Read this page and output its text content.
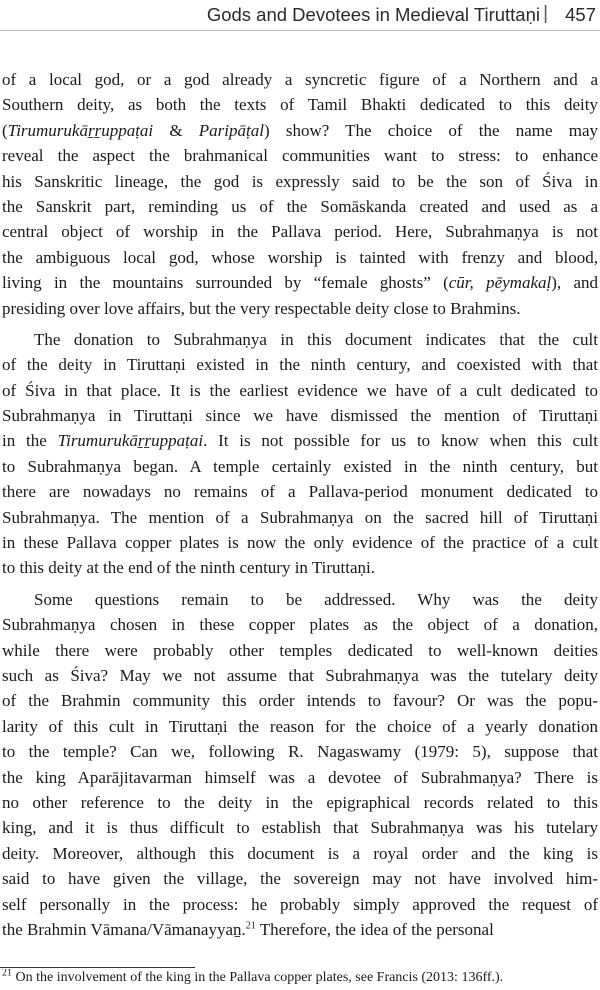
Gods and Devotees in Medieval Tiruttaṇi | 457
of a local god, or a god already a syncretic figure of a Northern and a
Southern deity, as both the texts of Tamil Bhakti dedicated to this deity
(Tirumurukāṟṟuppaṭai & Paripāṭal) show? The choice of the name may
reveal the aspect the brahmanical communities want to stress: to enhance
his Sanskritic lineage, the god is expressly said to be the son of Śiva in
the Sanskrit part, reminding us of the Somāskanda created and used as a
central object of worship in the Pallava period. Here, Subrahmaṇya is not
the ambiguous local god, whose worship is tainted with frenzy and blood,
living in the mountains surrounded by “female ghosts” (cūr, pēymakaḷ), and
presiding over love affairs, but the very respectable deity close to Brahmins.
The donation to Subrahmaṇya in this document indicates that the cult
of the deity in Tiruttaṇi existed in the ninth century, and coexisted with that
of Śiva in that place. It is the earliest evidence we have of a cult dedicated to
Subrahmaṇya in Tiruttaṇi since we have dismissed the mention of Tiruttaṇi
in the Tirumurukāṟṟuppaṭai. It is not possible for us to know when this cult
to Subrahmaṇya began. A temple certainly existed in the ninth century, but
there are nowadays no remains of a Pallava-period monument dedicated to
Subrahmaṇya. The mention of a Subrahmaṇya on the sacred hill of Tiruttaṇi
in these Pallava copper plates is now the only evidence of the practice of a cult
to this deity at the end of the ninth century in Tiruttaṇi.
Some questions remain to be addressed. Why was the deity
Subrahmaṇya chosen in these copper plates as the object of a donation,
while there were probably other temples dedicated to well-known deities
such as Śiva? May we not assume that Subrahmaṇya was the tutelary deity
of the Brahmin community this order intends to favour? Or was the popu-
larity of this cult in Tiruttaṇi the reason for the choice of a yearly donation
to the temple? Can we, following R. Nagaswamy (1979: 5), suppose that
the king Aparājitavarman himself was a devotee of Subrahmaṇya? There is
no other reference to the deity in the epigraphical records related to this
king, and it is thus difficult to establish that Subrahmaṇya was his tutelary
deity. Moreover, although this document is a royal order and the king is
said to have given the village, the sovereign may not have involved him-
self personally in the process: he probably simply approved the request of
the Brahmin Vāmana/Vāmanayyaṉ.$^{21}$ Therefore, the idea of the personal
$^{21}$ On the involvement of the king in the Pallava copper plates, see Francis (2013: 136ff.).
